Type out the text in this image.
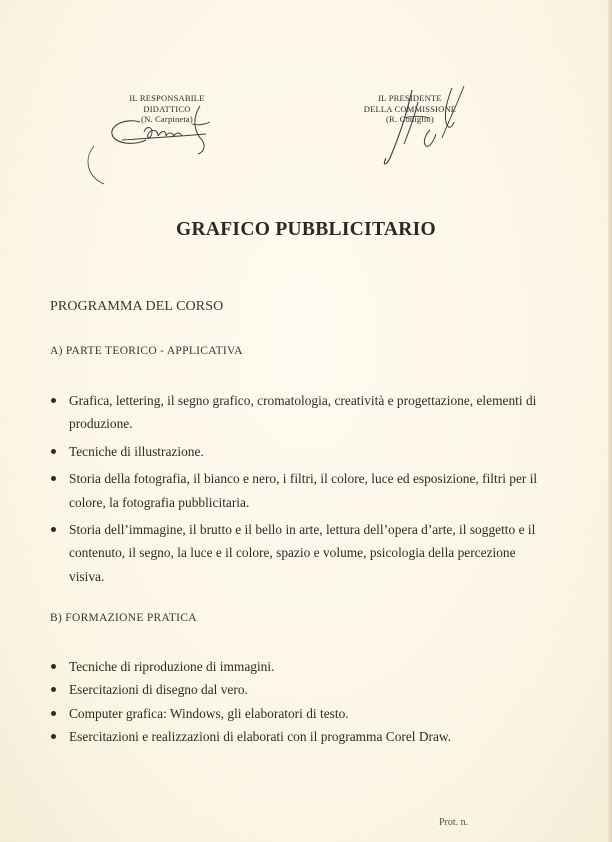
IL RESPONSABILE
DIDATTICO
(N. Carpineta)
IL PRESIDENTE
DELLA COMMISSIONE
(R. Coniglio)
GRAFICO PUBBLICITARIO
PROGRAMMA DEL CORSO
A) PARTE TEORICO - APPLICATIVA
Grafica, lettering, il segno grafico, cromatologia, creatività e progettazione, elementi di produzione.
Tecniche di illustrazione.
Storia della fotografia, il bianco e nero, i filtri, il colore, luce ed esposizione, filtri per il colore, la fotografia pubblicitaria.
Storia dell’immagine, il brutto e il bello in arte, lettura dell’opera d’arte, il soggetto e il contenuto, il segno, la luce e il colore, spazio e volume, psicologia della percezione visiva.
B) FORMAZIONE PRATICA
Tecniche di riproduzione di immagini.
Esercitazioni di disegno dal vero.
Computer grafica: Windows, gli elaboratori di testo.
Esercitazioni e realizzazioni di elaborati con il programma Corel Draw.
Prot. n.
